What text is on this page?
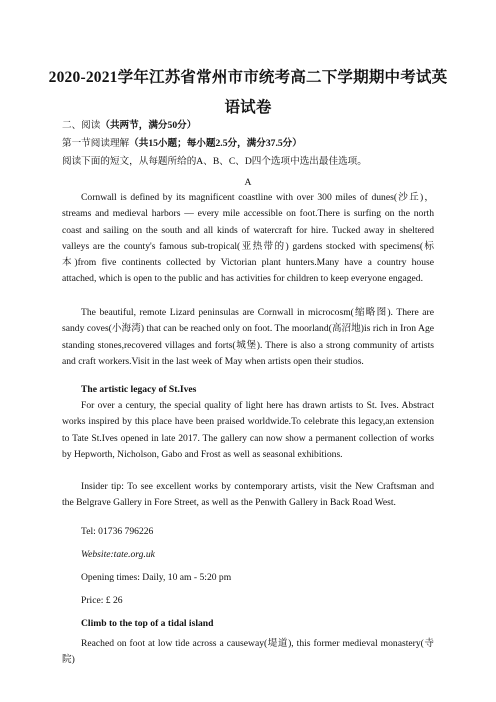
2020-2021学年江苏省常州市市统考高二下学期期中考试英
语试卷
二、阅读（共两节，满分50分）
第一节阅读理解（共15小题；每小题2.5分，满分37.5分）
阅读下面的短文，从每题所给的A、B、C、D四个选项中选出最佳选项。
A
Cornwall is defined by its magnificent coastline with over 300 miles of dunes(沙丘)，streams and medieval harbors — every mile accessible on foot.There is surfing on the north coast and sailing on the south and all kinds of watercraft for hire. Tucked away in sheltered valleys are the county's famous sub-tropical(亚热带的) gardens stocked with specimens(标本)from five continents collected by Victorian plant hunters.Many have a country house attached, which is open to the public and has activities for children to keep everyone engaged.
The beautiful, remote Lizard peninsulas are Cornwall in microcosm(缩略图). There are sandy coves(小海湾) that can be reached only on foot. The moorland(高沼地)is rich in Iron Age standing stones,recovered villages and forts(城堡). There is also a strong community of artists and craft workers.Visit in the last week of May when artists open their studios.
The artistic legacy of St.Ives
For over a century, the special quality of light here has drawn artists to St. Ives. Abstract works inspired by this place have been praised worldwide.To celebrate this legacy,an extension to Tate St.Ives opened in late 2017. The gallery can now show a permanent collection of works by Hepworth, Nicholson, Gabo and Frost as well as seasonal exhibitions.
Insider tip: To see excellent works by contemporary artists, visit the New Craftsman and the Belgrave Gallery in Fore Street, as well as the Penwith Gallery in Back Road West.
Tel: 01736 796226
Website:tate.org.uk
Opening times: Daily, 10 am - 5:20 pm
Price: £ 26
Climb to the top of a tidal island
Reached on foot at low tide across a causeway(堤道), this former medieval monastery(寺院)
